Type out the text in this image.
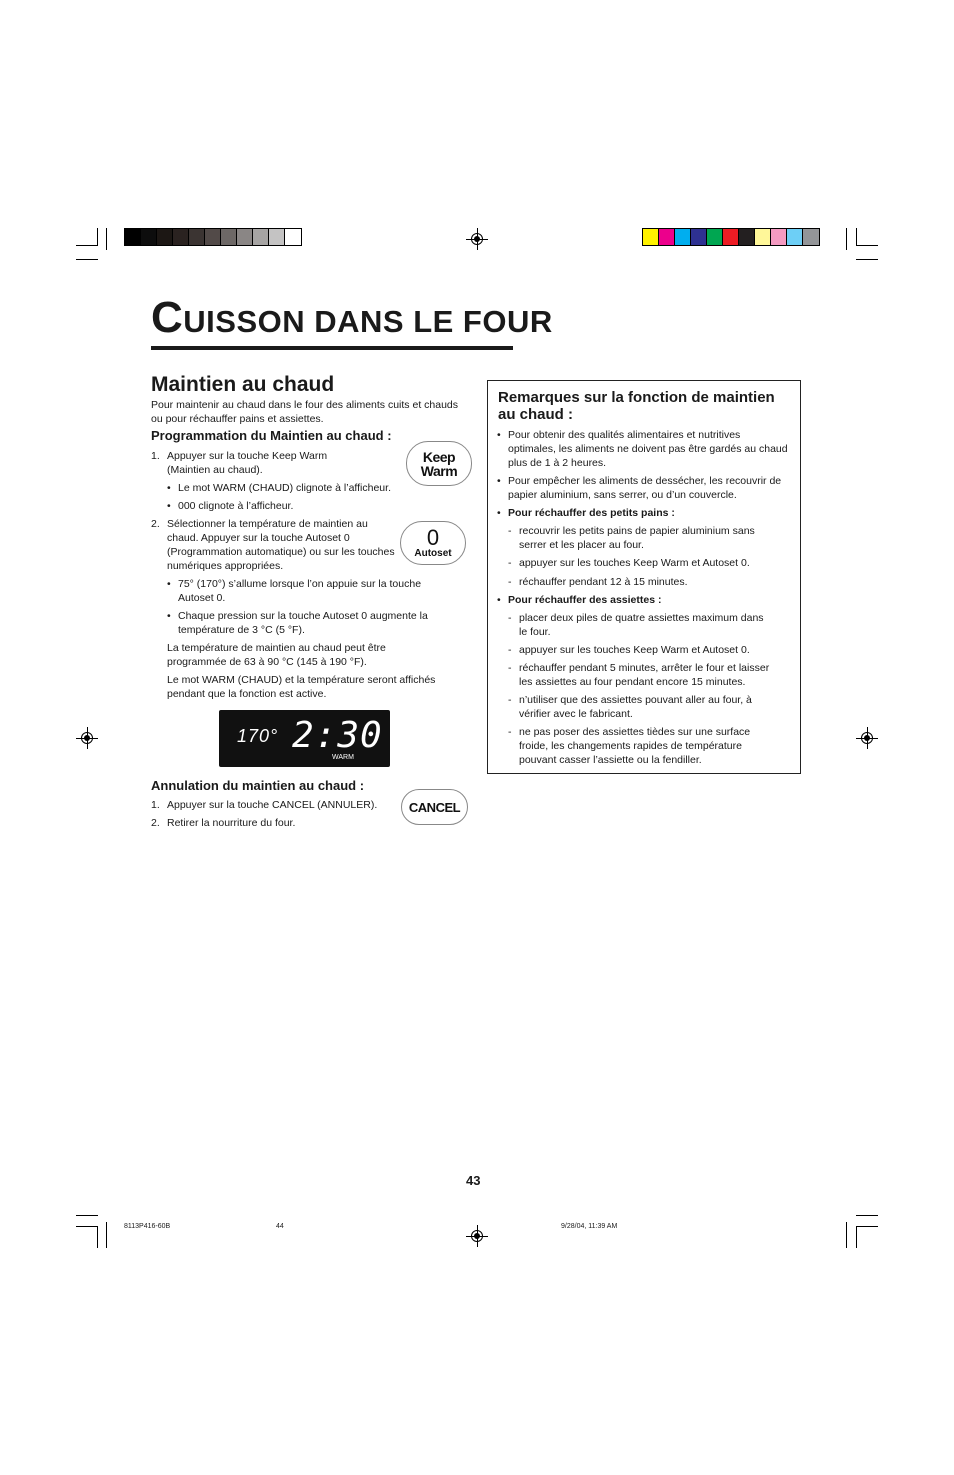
CUISSON DANS LE FOUR
Maintien au chaud
Pour maintenir au chaud dans le four des aliments cuits et chauds ou pour réchauffer pains et assiettes.
Programmation du Maintien au chaud :
1. Appuyer sur la touche Keep Warm (Maintien au chaud).
• Le mot WARM (CHAUD) clignote à l’afficheur.
• 000 clignote à l’afficheur.
2. Sélectionner la température de maintien au chaud. Appuyer sur la touche Autoset 0 (Programmation automatique) ou sur les touches numériques appropriées.
• 75° (170°) s’allume lorsque l’on appuie sur la touche Autoset 0.
• Chaque pression sur la touche Autoset 0 augmente la température de 3 °C (5 °F).
La température de maintien au chaud peut être programmée de 63 à 90 °C (145 à 190 °F).
Le mot WARM (CHAUD) et la température seront affichés pendant que la fonction est active.
Keep
Warm
0
Autoset
170° 2:30
WARM
Annulation du maintien au chaud :
1. Appuyer sur la touche CANCEL (ANNULER).
2. Retirer la nourriture du four.
CANCEL
Remarques sur la fonction de maintien au chaud :
• Pour obtenir des qualités alimentaires et nutritives optimales, les aliments ne doivent pas être gardés au chaud plus de 1 à 2 heures.
• Pour empêcher les aliments de dessécher, les recouvrir de papier aluminium, sans serrer, ou d’un couvercle.
• Pour réchauffer des petits pains :
- recouvrir les petits pains de papier aluminium sans serrer et les placer au four.
- appuyer sur les touches Keep Warm et Autoset 0.
- réchauffer pendant 12 à 15 minutes.
• Pour réchauffer des assiettes :
- placer deux piles de quatre assiettes maximum dans le four.
- appuyer sur les touches Keep Warm et Autoset 0.
- réchauffer pendant 5 minutes, arrêter le four et laisser les assiettes au four pendant encore 15 minutes.
- n’utiliser que des assiettes pouvant aller au four, à vérifier avec le fabricant.
- ne pas poser des assiettes tièdes sur une surface froide, les changements rapides de température pouvant casser l’assiette ou la fendiller.
43
8113P416-60B	44	9/28/04, 11:39 AM
